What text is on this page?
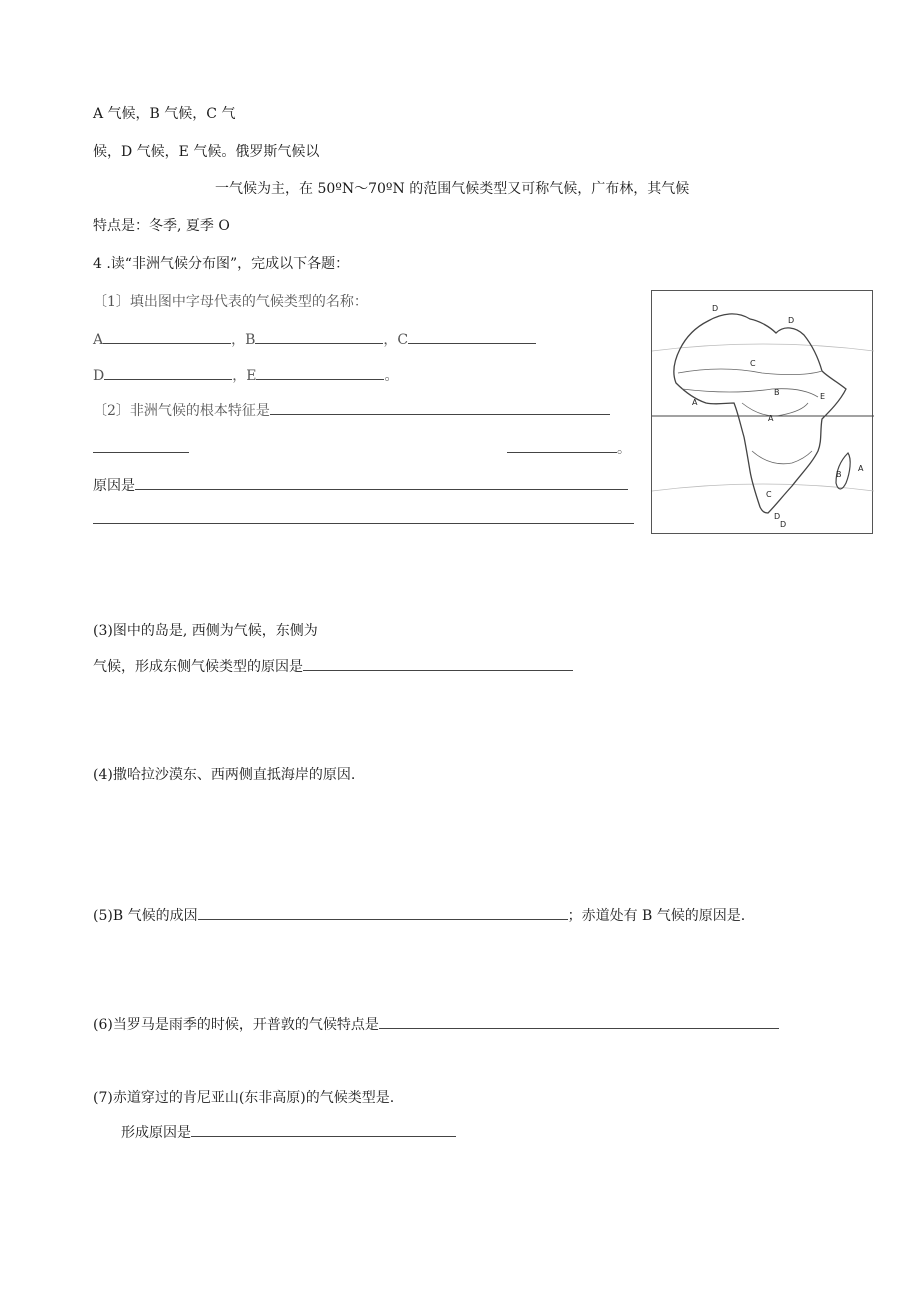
A 气候，B 气候，C 气
候，D 气候，E 气候。俄罗斯气候以
一气候为主，在 50ºN～70ºN 的范围气候类型又可称气候，广布林，其气候
特点是：冬季, 夏季 O
4 .读“非洲气候分布图”，完成以下各题：
〔1〕填出图中字母代表的气候类型的名称：
A	，B	，C
D	，E	。
〔2〕非洲气候的根本特征是
。
原因是
D
D
C
B
A
A
E
B
A
C
D
D
(3)图中的岛是, 西侧为气候，东侧为
气候，形成东侧气候类型的原因是
(4)撒哈拉沙漠东、西两侧直抵海岸的原因.
(5)B 气候的成因	；赤道处有 B 气候的原因是.
(6)当罗马是雨季的时候，开普敦的气候特点是
(7)赤道穿过的肯尼亚山(东非高原)的气候类型是.
形成原因是
